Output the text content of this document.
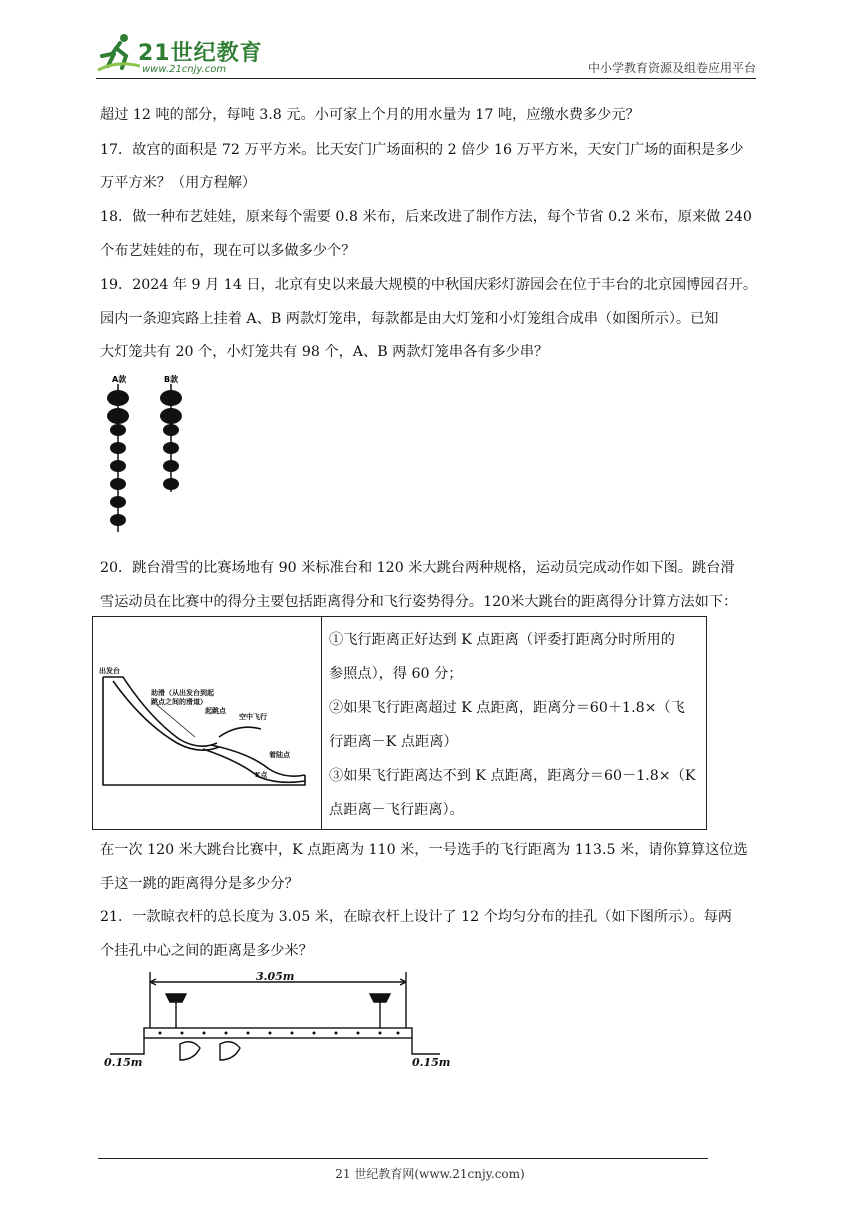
21世纪教育
www.21cnjy.com	中小学教育资源及组卷应用平台
超过 12 吨的部分，每吨 3.8 元。小可家上个月的用水量为 17 吨，应缴水费多少元？
17．故宫的面积是 72 万平方米。比天安门广场面积的 2 倍少 16 万平方米，天安门广场的面积是多少
万平方米？（用方程解）
18．做一种布艺娃娃，原来每个需要 0.8 米布，后来改进了制作方法，每个节省 0.2 米布，原来做 240
个布艺娃娃的布，现在可以多做多少个？
19．2024 年 9 月 14 日，北京有史以来最大规模的中秋国庆彩灯游园会在位于丰台的北京园博园召开。
园内一条迎宾路上挂着 A、B 两款灯笼串，每款都是由大灯笼和小灯笼组合成串（如图所示）。已知
大灯笼共有 20 个，小灯笼共有 98 个，A、B 两款灯笼串各有多少串？
A款	B款
20．跳台滑雪的比赛场地有 90 米标准台和 120 米大跳台两种规格，运动员完成动作如下图。跳台滑
雪运动员在比赛中的得分主要包括距离得分和飞行姿势得分。120米大跳台的距离得分计算方法如下：
出发台
助滑（从出发台到起
跳点之间的滑道）
起跳点
空中飞行
着陆点
K点
①飞行距离正好达到 K 点距离（评委打距离分时所用的
参照点），得 60 分；
②如果飞行距离超过 K 点距离，距离分＝60＋1.8×（飞
行距离－K 点距离）
③如果飞行距离达不到 K 点距离，距离分＝60－1.8×（K
点距离－飞行距离）。
在一次 120 米大跳台比赛中，K 点距离为 110 米，一号选手的飞行距离为 113.5 米，请你算算这位选
手这一跳的距离得分是多少分？
21．一款晾衣杆的总长度为 3.05 米，在晾衣杆上设计了 12 个均匀分布的挂孔（如下图所示）。每两
个挂孔中心之间的距离是多少米？
3.05m
0.15m	0.15m
21 世纪教育网(www.21cnjy.com)
